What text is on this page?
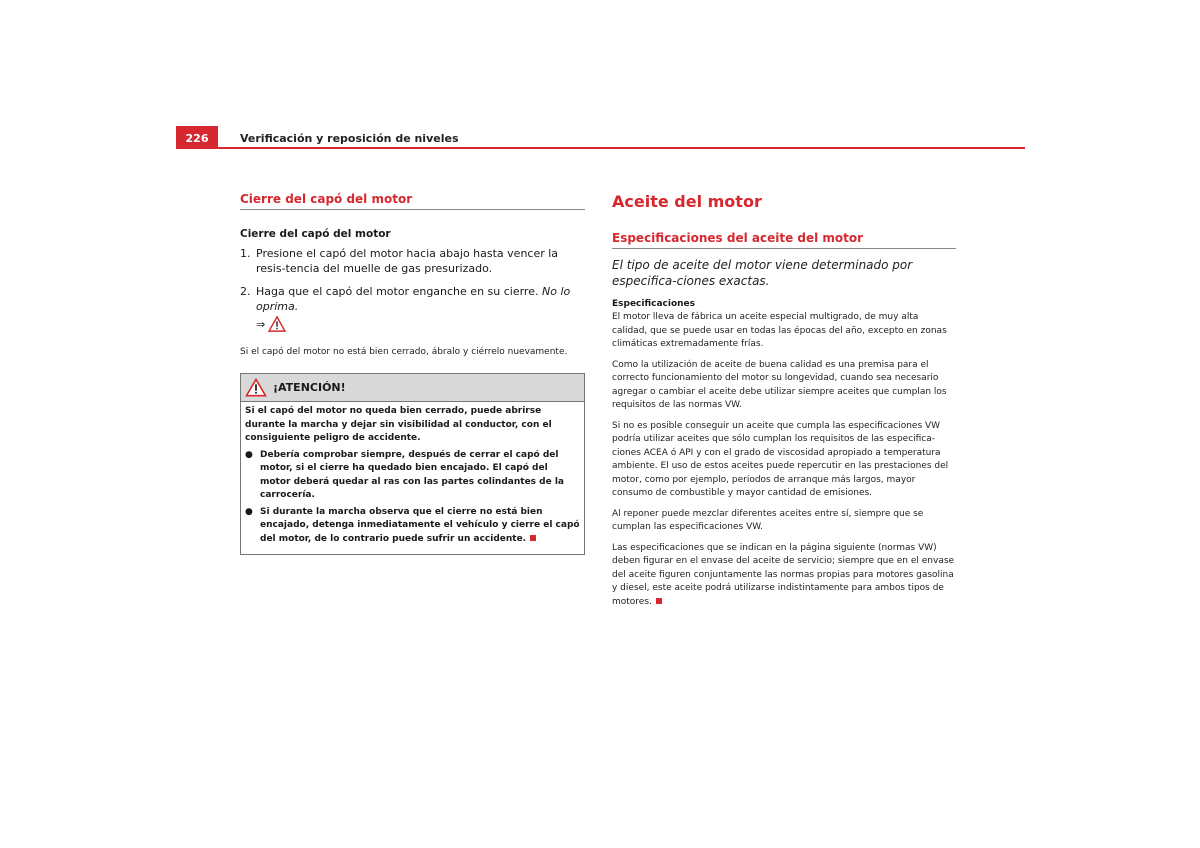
226	Verificación y reposición de niveles
Cierre del capó del motor
Cierre del capó del motor
1. Presione el capó del motor hacia abajo hasta vencer la resis-tencia del muelle de gas presurizado.
2. Haga que el capó del motor enganche en su cierre. No lo oprima.
⇒

Si el capó del motor no está bien cerrado, ábralo y ciérrelo nuevamente.

¡ATENCIÓN!

Si el capó del motor no queda bien cerrado, puede abrirse durante la marcha y dejar sin visibilidad al conductor, con el consiguiente peligro de accidente.

● Debería comprobar siempre, después de cerrar el capó del motor, si el cierre ha quedado bien encajado. El capó del motor deberá quedar al ras con las partes colindantes de la carrocería.
● Si durante la marcha observa que el cierre no está bien encajado, detenga inmediatamente el vehículo y cierre el capó del motor, de lo contrario puede sufrir un accidente.
Aceite del motor
Especificaciones del aceite del motor

El tipo de aceite del motor viene determinado por especifica-ciones exactas.

Especificaciones

El motor lleva de fábrica un aceite especial multigrado, de muy alta calidad, que se puede usar en todas las épocas del año, excepto en zonas climáticas extremadamente frías.

Como la utilización de aceite de buena calidad es una premisa para el correcto funcionamiento del motor su longevidad, cuando sea necesario agregar o cambiar el aceite debe utilizar siempre aceites que cumplan los requisitos de las normas VW.

Si no es posible conseguir un aceite que cumpla las especificaciones VW podría utilizar aceites que sólo cumplan los requisitos de las especifica-ciones ACEA ó API y con el grado de viscosidad apropiado a temperatura ambiente. El uso de estos aceites puede repercutir en las prestaciones del motor, como por ejemplo, periodos de arranque más largos, mayor consumo de combustible y mayor cantidad de emisiones.

Al reponer puede mezclar diferentes aceites entre sí, siempre que se cumplan las especificaciones VW.

Las especificaciones que se indican en la página siguiente (normas VW) deben figurar en el envase del aceite de servicio; siempre que en el envase del aceite figuren conjuntamente las normas propias para motores gasolina y diesel, este aceite podrá utilizarse indistintamente para ambos tipos de motores.
